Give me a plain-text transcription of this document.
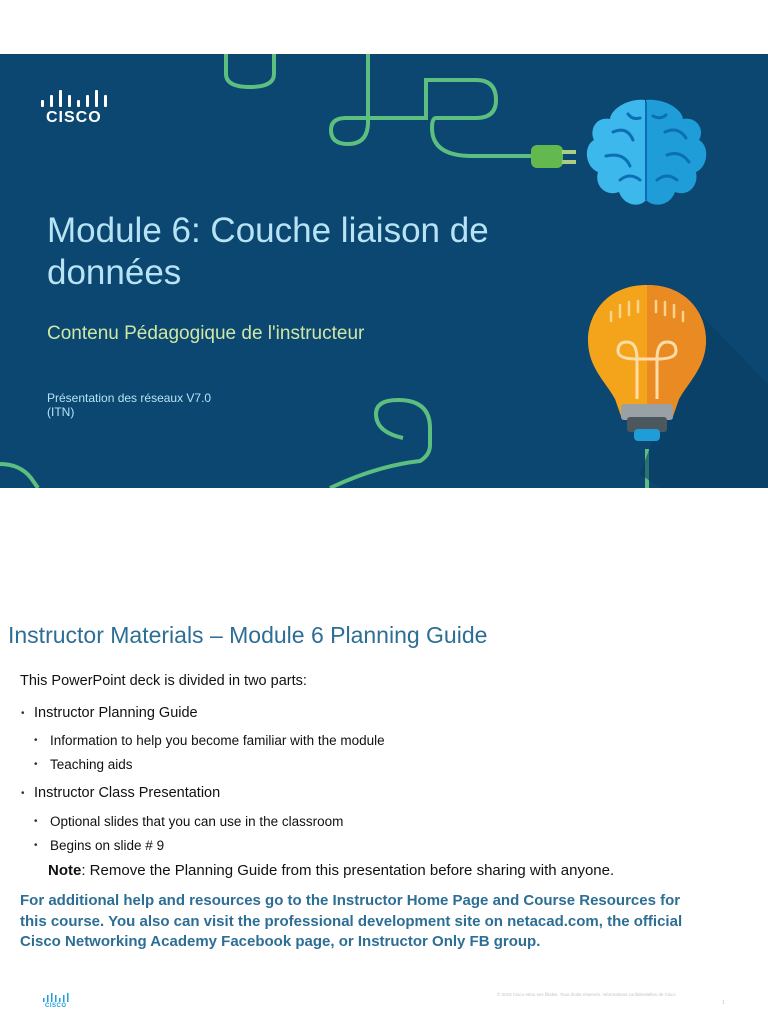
CISCO
Module 6: Couche liaison de données

Contenu Pédagogique de l'instructeur

Présentation des réseaux V7.0
(ITN)
Instructor Materials – Module 6 Planning Guide
This PowerPoint deck is divided in two parts:
• Instructor Planning Guide
• Information to help you become familiar with the module
• Teaching aids
• Instructor Class Presentation
• Optional slides that you can use in the classroom
• Begins on slide # 9
Note: Remove the Planning Guide from this presentation before sharing with anyone.
For additional help and resources go to the Instructor Home Page and Course Resources for this course. You also can visit the professional development site on netacad.com, the official Cisco Networking Academy Facebook page, or Instructor Only FB group.
CISCO
© 2016 Cisco et/ou ses filiales. Tous droits réservés. Informations confidentielles de Cisco
1
